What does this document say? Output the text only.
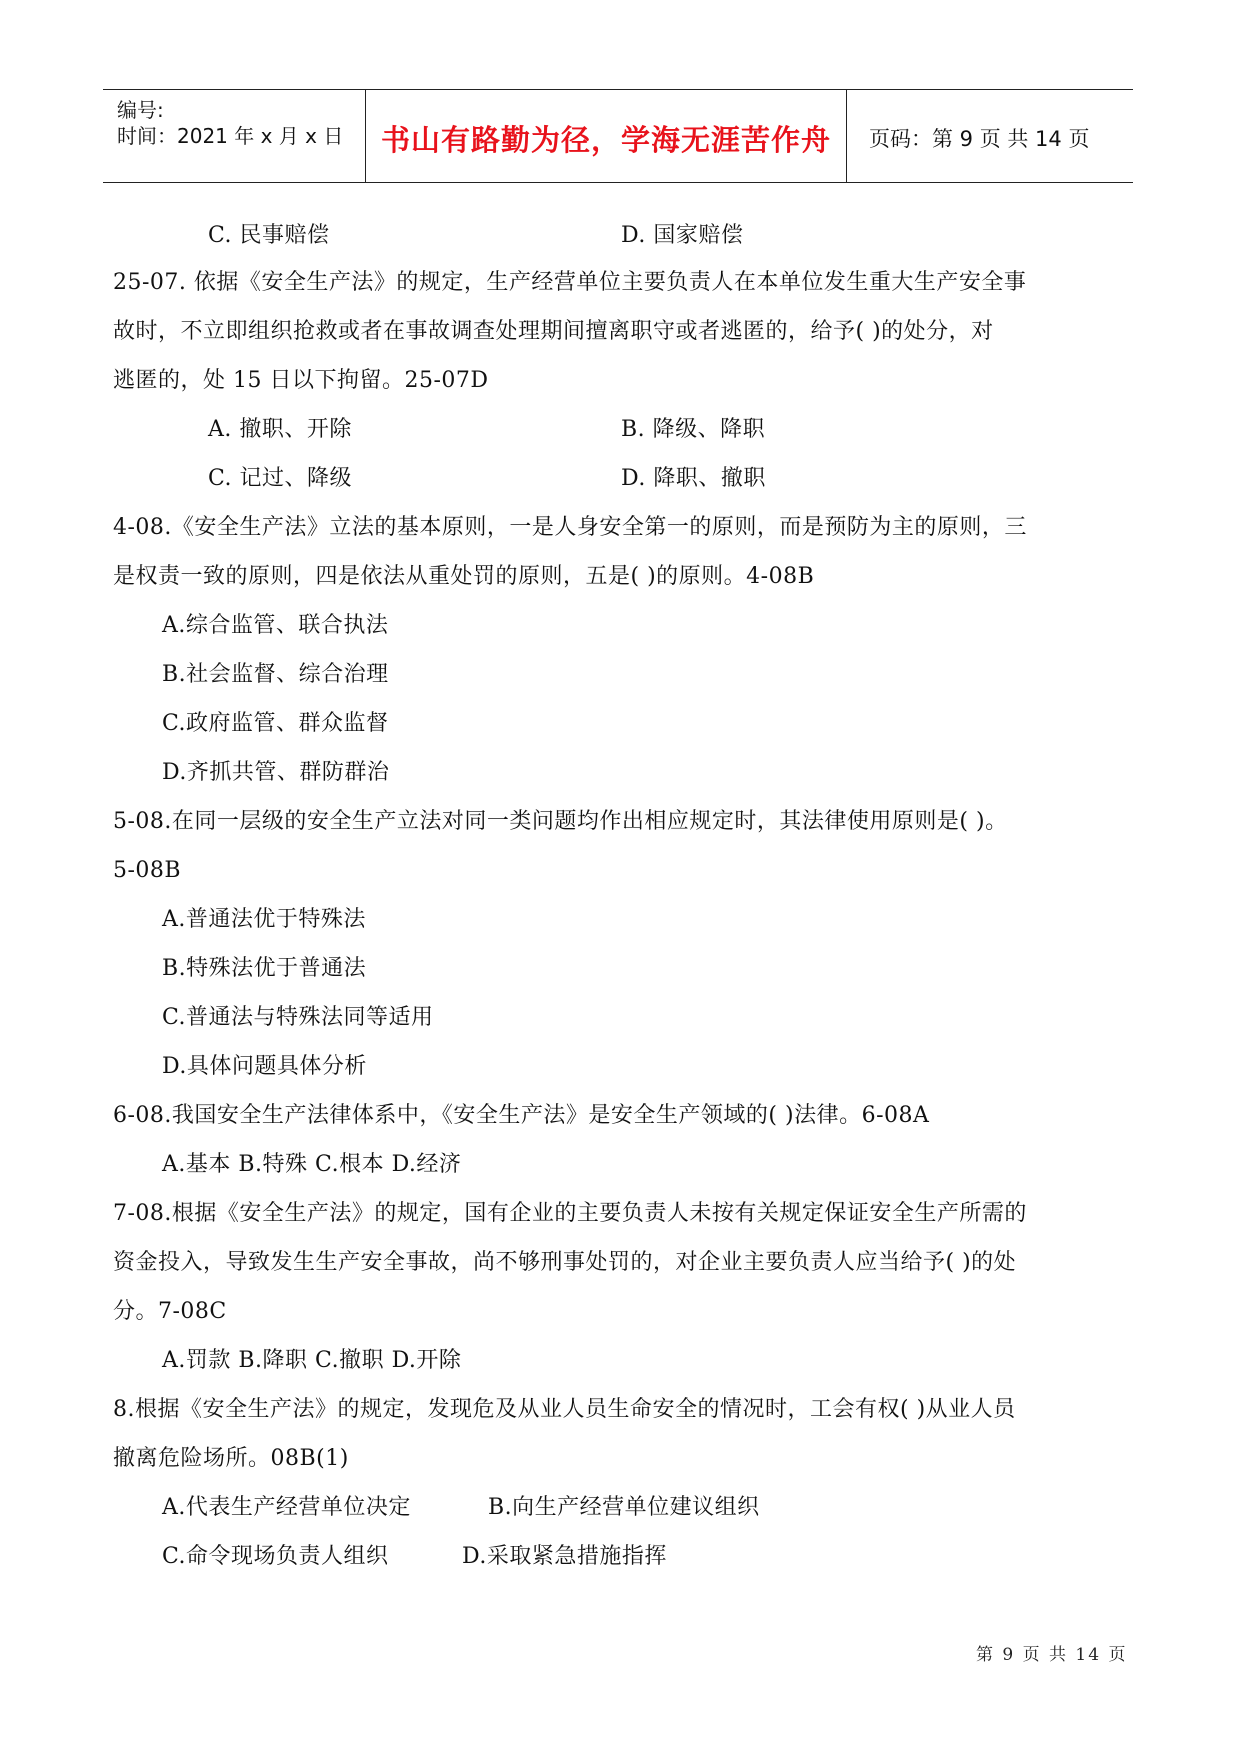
编号:
时间：2021 年 x 月 x 日	书山有路勤为径，学海无涯苦作舟	页码：第 9 页 共 14 页
C. 民事赔偿	D. 国家赔偿
25-07. 依据《安全生产法》的规定，生产经营单位主要负责人在本单位发生重大生产安全事
故时，不立即组织抢救或者在事故调查处理期间擅离职守或者逃匿的，给予( )的处分，对
逃匿的，处 15 日以下拘留。25-07D
A. 撤职、开除	B. 降级、降职
C. 记过、降级	D. 降职、撤职
4-08.《安全生产法》立法的基本原则，一是人身安全第一的原则，而是预防为主的原则，三
是权责一致的原则，四是依法从重处罚的原则，五是( )的原则。4-08B
A.综合监管、联合执法
B.社会监督、综合治理
C.政府监管、群众监督
D.齐抓共管、群防群治
5-08.在同一层级的安全生产立法对同一类问题均作出相应规定时，其法律使用原则是( )。
5-08B
A.普通法优于特殊法
B.特殊法优于普通法
C.普通法与特殊法同等适用
D.具体问题具体分析
6-08.我国安全生产法律体系中，《安全生产法》是安全生产领域的( )法律。6-08A
A.基本 B.特殊 C.根本 D.经济
7-08.根据《安全生产法》的规定，国有企业的主要负责人未按有关规定保证安全生产所需的
资金投入，导致发生生产安全事故，尚不够刑事处罚的，对企业主要负责人应当给予( )的处
分。7-08C
A.罚款 B.降职 C.撤职 D.开除
8.根据《安全生产法》的规定，发现危及从业人员生命安全的情况时，工会有权( )从业人员
撤离危险场所。08B(1)
A.代表生产经营单位决定	B.向生产经营单位建议组织
C.命令现场负责人组织	D.采取紧急措施指挥
第 9 页 共 14 页
